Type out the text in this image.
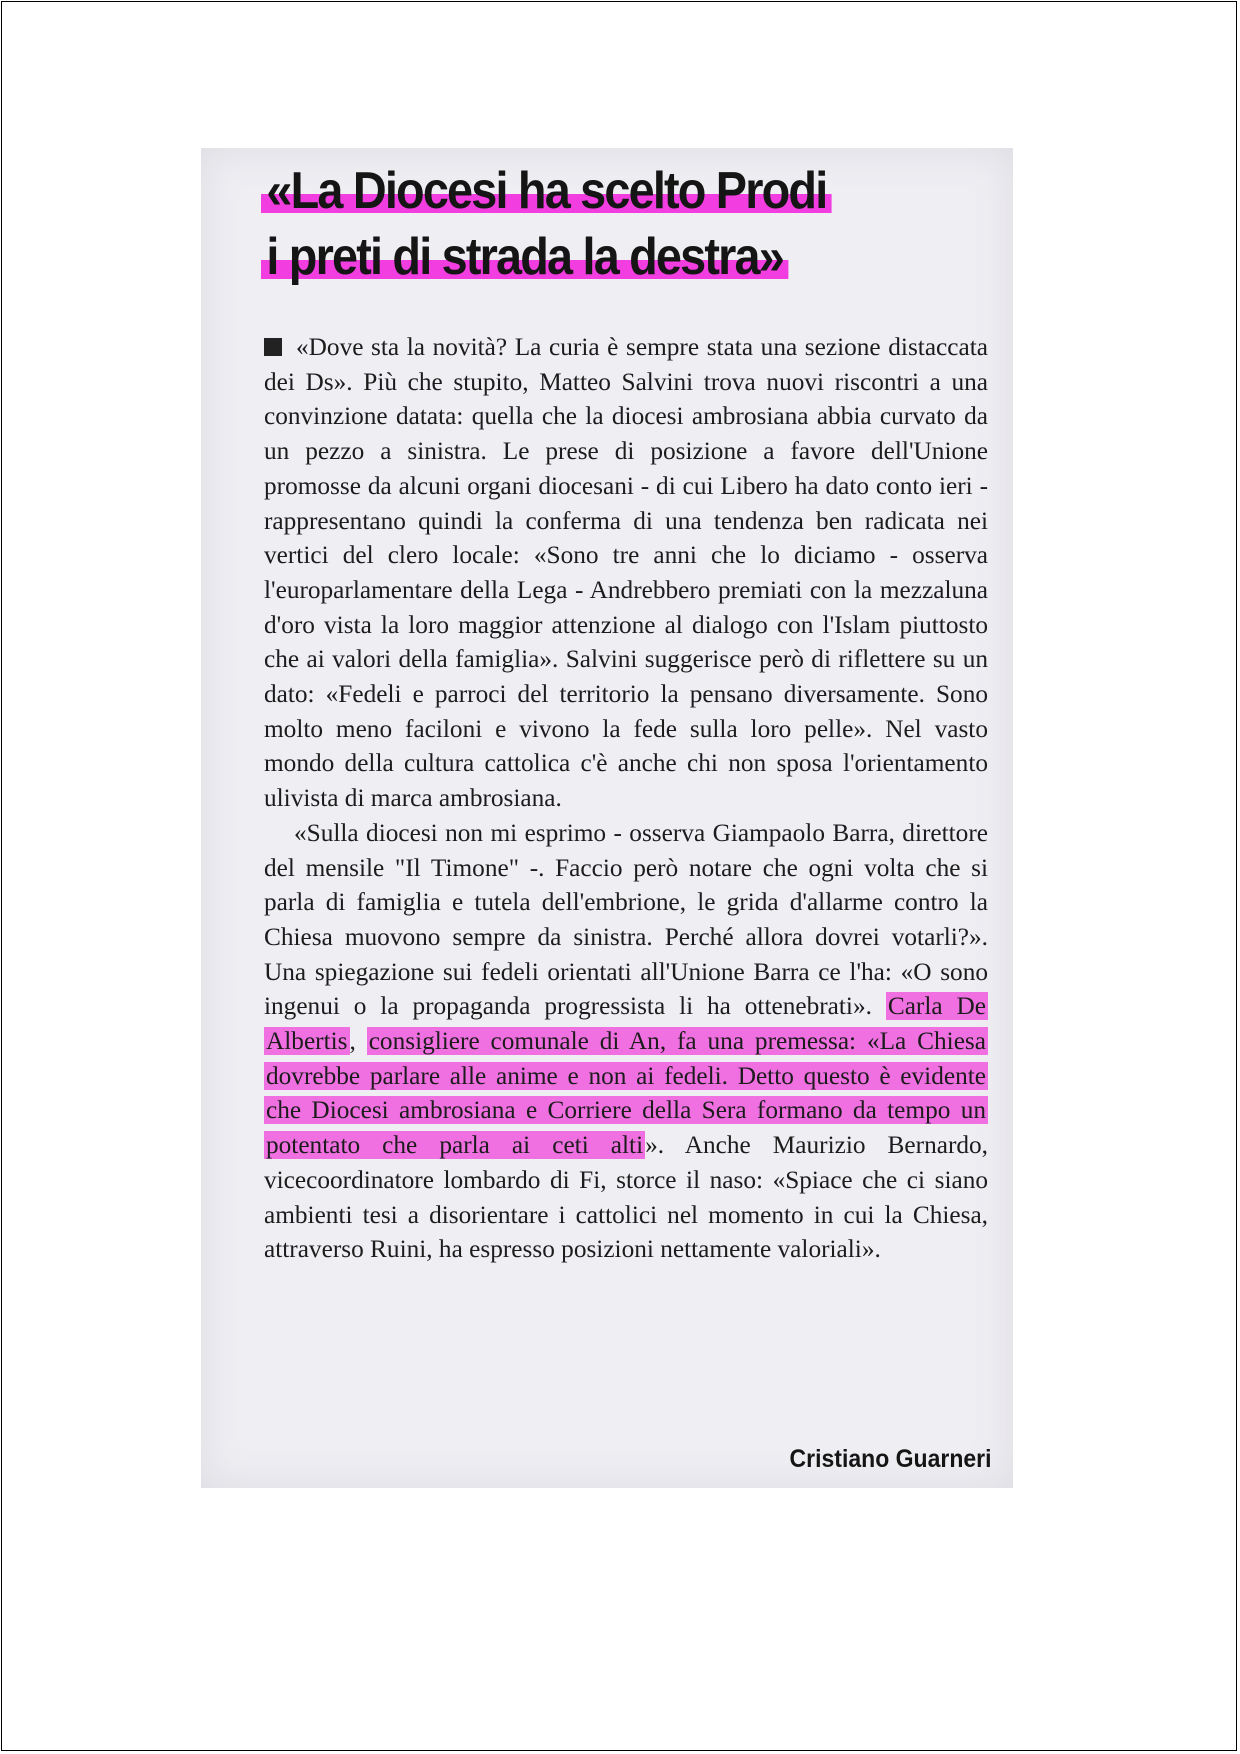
«La Diocesi ha scelto Prodi
i preti di strada la destra»

«Dove sta la novità? La curia è sempre stata una sezione distaccata dei Ds». Più che stupito, Matteo Salvini trova nuovi riscontri a una convinzione datata: quella che la diocesi ambrosiana abbia curvato da un pezzo a sinistra. Le prese di posizione a favore dell'Unione promosse da alcuni organi diocesani - di cui Libero ha dato conto ieri - rappresentano quindi la conferma di una tendenza ben radicata nei vertici del clero locale: «Sono tre anni che lo diciamo - osserva l'europarlamentare della Lega - Andrebbero premiati con la mezzaluna d'oro vista la loro maggior attenzione al dialogo con l'Islam piuttosto che ai valori della famiglia». Salvini suggerisce però di riflettere su un dato: «Fedeli e parroci del territorio la pensano diversamente. Sono molto meno faciloni e vivono la fede sulla loro pelle». Nel vasto mondo della cultura cattolica c'è anche chi non sposa l'orientamento ulivista di marca ambrosiana.

«Sulla diocesi non mi esprimo - osserva Giampaolo Barra, direttore del mensile "Il Timone" -. Faccio però notare che ogni volta che si parla di famiglia e tutela dell'embrione, le grida d'allarme contro la Chiesa muovono sempre da sinistra. Perché allora dovrei votarli?». Una spiegazione sui fedeli orientati all'Unione Barra ce l'ha: «O sono ingenui o la propaganda progressista li ha ottenebrati». Carla De Albertis, consigliere comunale di An, fa una premessa: «La Chiesa dovrebbe parlare alle anime e non ai fedeli. Detto questo è evidente che Diocesi ambrosiana e Corriere della Sera formano da tempo un potentato che parla ai ceti alti». Anche Maurizio Bernardo, vicecoordinatore lombardo di Fi, storce il naso: «Spiace che ci siano ambienti tesi a disorientare i cattolici nel momento in cui la Chiesa, attraverso Ruini, ha espresso posizioni nettamente valoriali».

Cristiano Guarneri
